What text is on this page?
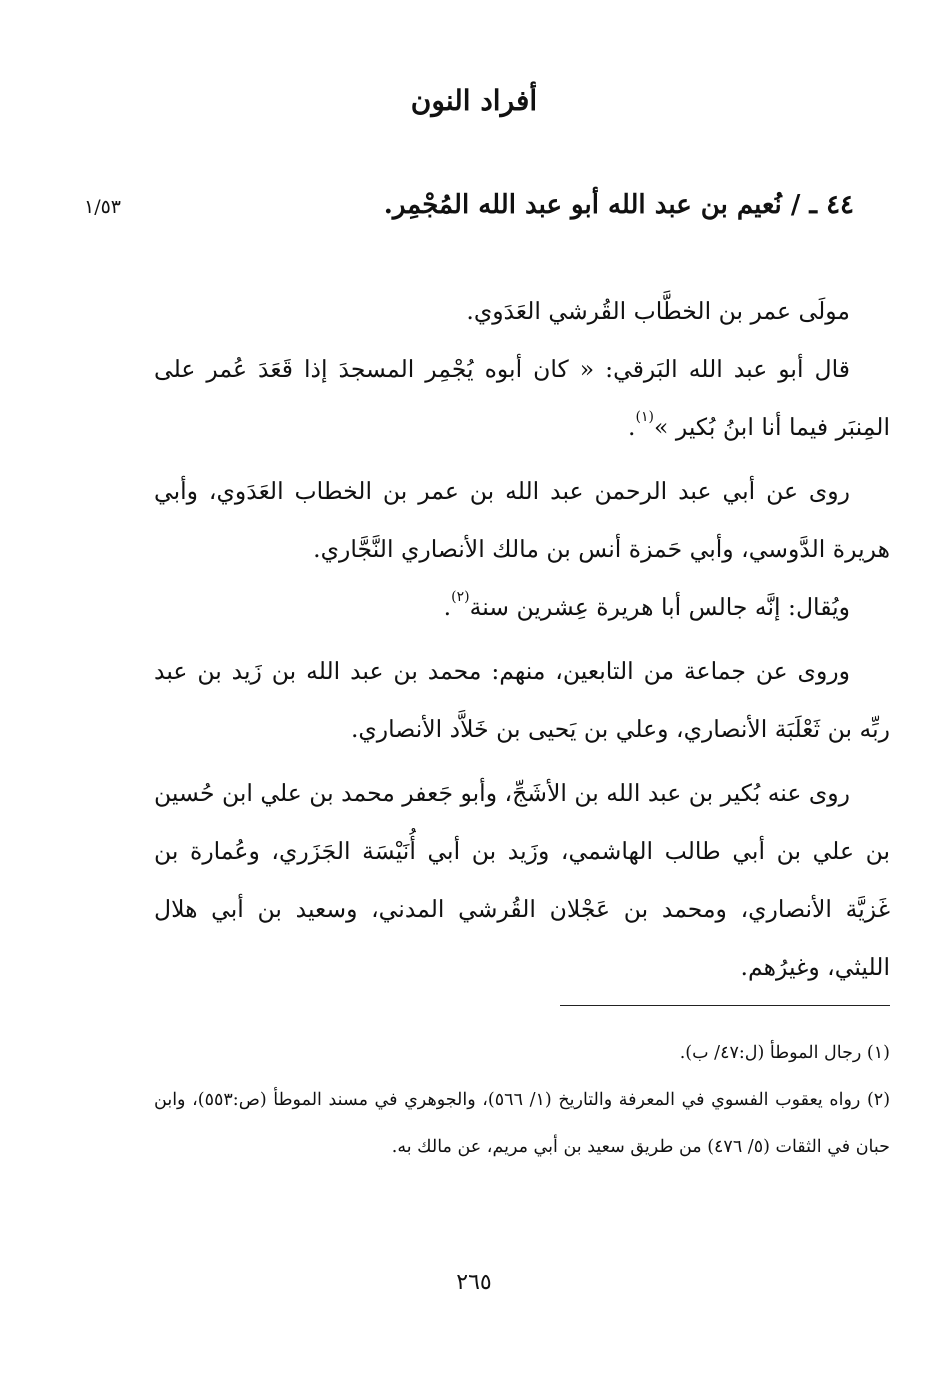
أفراد النون
٤٤ ـ / نُعيم بن عبد الله أبو عبد الله المُجْمِر.
١/٥٣

مولَى عمر بن الخطَّاب القُرشي العَدَوي.

قال أبو عبد الله البَرقي: « كان أبوه يُجْمِر المسجدَ إذا قَعَدَ عُمر على المِنبَر فيما أنا ابنُ بُكير »$^{(١)}$.

روى عن أبي عبد الرحمن عبد الله بن عمر بن الخطاب العَدَوي، وأبي هريرة الدَّوسي، وأبي حَمزة أنس بن مالك الأنصاري النَّجَّاري.

ويُقال: إنَّه جالس أبا هريرة عِشرين سنة$^{(٢)}$.

وروى عن جماعة من التابعين، منهم: محمد بن عبد الله بن زَيد بن عبد ربِّه بن ثَعْلَبَة الأنصاري، وعلي بن يَحيى بن خَلاَّد الأنصاري.

روى عنه بُكير بن عبد الله بن الأشَجِّ، وأبو جَعفر محمد بن علي ابن حُسين بن علي بن أبي طالب الهاشمي، وزَيد بن أبي أُنَيْسَة الجَزَري، وعُمارة بن غَزيَّة الأنصاري، ومحمد بن عَجْلان القُرشي المدني، وسعيد بن أبي هلال الليثي، وغيرُهم.

(١) رجال الموطأ (ل:٤٧/ ب).

(٢) رواه يعقوب الفسوي في المعرفة والتاريخ (١/ ٥٦٦)، والجوهري في مسند الموطأ (ص:٥٥٣)، وابن حبان في الثقات (٥/ ٤٧٦) من طريق سعيد بن أبي مريم، عن مالك به.

٢٦٥
